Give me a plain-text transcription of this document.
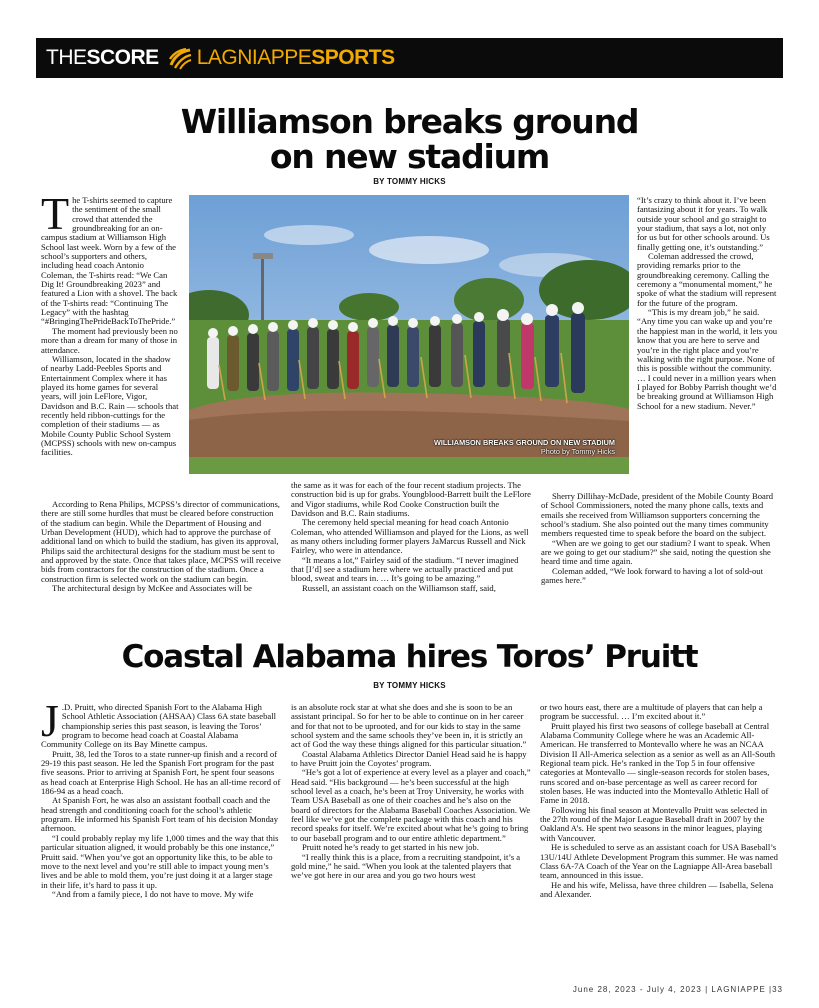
THE SCORE LAGNIAPPE SPORTS
Williamson breaks ground
on new stadium
BY TOMMY HICKS
T he T-shirts seemed to capture the sentiment of the small crowd that attended the groundbreaking for an on-campus stadium at Williamson High School last week. Worn by a few of the school’s supporters and others, including head coach Antonio Coleman, the T-shirts read: “We Can Dig It! Groundbreaking 2023” and featured a Lion with a shovel. The back of the T-shirts read: “Continuing The Legacy” with the hashtag “#BringingThePrideBackToThePride.”

The moment had previously been no more than a dream for many of those in attendance.

Williamson, located in the shadow of nearby Ladd-Peebles Sports and Entertainment Complex where it has played its home games for several years, will join LeFlore, Vigor, Davidson and B.C. Rain — schools that recently held ribbon-cuttings for the completion of their stadiums — as Mobile County Public School System (MCPSS) schools with new on-campus facilities.

According to Rena Philips, MCPSS’s director of communications, there are still some hurdles that must be cleared before construction of the stadium can begin. While the Department of Housing and Urban Development (HUD), which had to approve the purchase of additional land on which to build the stadium, has given its approval, Philips said the architectural designs for the stadium must be sent to and approved by the state. Once that takes place, MCPSS will receive bids from contractors for the construction of the stadium. Once a construction firm is selected work on the stadium can begin.

The architectural design by McKee and Associates will be

WILLIAMSON BREAKS GROUND ON NEW STADIUM
Photo by Tommy Hicks

the same as it was for each of the four recent stadium projects. The construction bid is up for grabs. Youngblood-Barrett built the LeFlore and Vigor stadiums, while Rod Cooke Construction built the Davidson and B.C. Rain stadiums.

The ceremony held special meaning for head coach Antonio Coleman, who attended Williamson and played for the Lions, as well as many others including former players JaMarcus Russell and Nick Fairley, who were in attendance.

“It means a lot,” Fairley said of the stadium. “I never imagined that [I’d] see a stadium here where we actually practiced and put blood, sweat and tears in. … It’s going to be amazing.”

Russell, an assistant coach on the Williamson staff, said,

“It’s crazy to think about it. I’ve been fantasizing about it for years. To walk outside your school and go straight to your stadium, that says a lot, not only for us but for other schools around. Us finally getting one, it’s outstanding.”

Coleman addressed the crowd, providing remarks prior to the groundbreaking ceremony. Calling the ceremony a “monumental moment,” he spoke of what the stadium will represent for the future of the program.

“This is my dream job,” he said. “Any time you can wake up and you’re the happiest man in the world, it lets you know that you are here to serve and you’re in the right place and you’re walking with the right purpose. None of this is possible without the community. … I could never in a million years when I played for Bobby Parrish thought we’d be breaking ground at Williamson High School for a new stadium. Never.”

Sherry Dillihay-McDade, president of the Mobile County Board of School Commissioners, noted the many phone calls, texts and emails she received from Williamson supporters concerning the school’s stadium. She also pointed out the many times community members requested time to speak before the board on the subject.

“When are we going to get our stadium? I want to speak. When are we going to get our stadium?” she said, noting the question she heard time and time again.

Coleman added, “We look forward to having a lot of sold-out games here.”

Coastal Alabama hires Toros’ Pruitt
BY TOMMY HICKS
J .D. Pruitt, who directed Spanish Fort to the Alabama High School Athletic Association (AHSAA) Class 6A state baseball championship series this past season, is leaving the Toros’ program to become head coach at Coastal Alabama Community College on its Bay Minette campus.

Pruitt, 38, led the Toros to a state runner-up finish and a record of 29-19 this past season. He led the Spanish Fort program for the past five seasons. Prior to arriving at Spanish Fort, he spent four seasons as head coach at Enterprise High School. He has an all-time record of 186-94 as a head coach.

At Spanish Fort, he was also an assistant football coach and the head strength and conditioning coach for the school’s athletic program. He informed his Spanish Fort team of his decision Monday afternoon.

“I could probably replay my life 1,000 times and the way that this particular situation aligned, it would probably be this one instance,” Pruitt said. “When you’ve got an opportunity like this, to be able to move to the next level and you’re still able to impact young men’s lives and be able to mold them, you’re just doing it at a larger stage in their life, it’s hard to pass it up.

“And from a family piece, I do not have to move. My wife

is an absolute rock star at what she does and she is soon to be an assistant principal. So for her to be able to continue on in her career and for that not to be uprooted, and for our kids to stay in the same school system and the same schools they’ve been in, it is strictly an act of God the way these things aligned for this particular situation.”

Coastal Alabama Athletics Director Daniel Head said he is happy to have Pruitt join the Coyotes’ program.

“He’s got a lot of experience at every level as a player and coach,” Head said. “His background — he’s been successful at the high school level as a coach, he’s been at Troy University, he works with Team USA Baseball as one of their coaches and he’s also on the board of directors for the Alabama Baseball Coaches Association. We feel like we’ve got the complete package with this coach and his record speaks for itself. We’re excited about what he’s going to bring to our baseball program and to our entire athletic department.”

Pruitt noted he’s ready to get started in his new job.

“I really think this is a place, from a recruiting standpoint, it’s a gold mine,” he said. “When you look at the talented players that we’ve got here in our area and you go two hours west

or two hours east, there are a multitude of players that can help a program be successful. … I’m excited about it.”

Pruitt played his first two seasons of college baseball at Central Alabama Community College where he was an Academic All-American. He transferred to Montevallo where he was an NCAA Division II All-America selection as a senior as well as an All-South Regional team pick. He’s ranked in the Top 5 in four offensive categories at Montevallo — single-season records for stolen bases, runs scored and on-base percentage as well as career record for stolen bases. He was inducted into the Montevallo Athletic Hall of Fame in 2018.

Following his final season at Montevallo Pruitt was selected in the 27th round of the Major League Baseball draft in 2007 by the Oakland A’s. He spent two seasons in the minor leagues, playing with Vancouver.

He is scheduled to serve as an assistant coach for USA Baseball’s 13U/14U Athlete Development Program this summer. He was named Class 6A-7A Coach of the Year on the Lagniappe All-Area baseball team, announced in this issue.

He and his wife, Melissa, have three children — Isabella, Selena and Alexander.

June 28, 2023 - July 4, 2023 | LAGNIAPPE |33
